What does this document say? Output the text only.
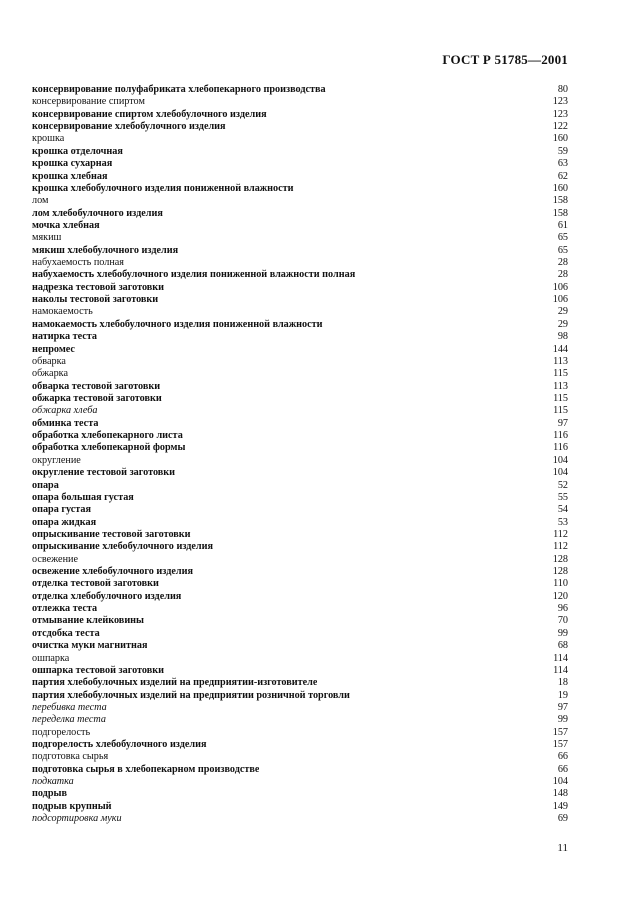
ГОСТ Р 51785—2001
консервирование полуфабриката хлебопекарного производства	80
консервирование спиртом	123
консервирование спиртом хлебобулочного изделия	123
консервирование хлебобулочного изделия	122
крошка	160
крошка отделочная	59
крошка сухарная	63
крошка хлебная	62
крошка хлебобулочного изделия пониженной влажности	160
лом	158
лом хлебобулочного изделия	158
мочка хлебная	61
мякиш	65
мякиш хлебобулочного изделия	65
набухаемость полная	28
набухаемость хлебобулочного изделия пониженной влажности полная	28
надрезка тестовой заготовки	106
наколы тестовой заготовки	106
намокаемость	29
намокаемость хлебобулочного изделия пониженной влажности	29
натирка теста	98
непромес	144
обварка	113
обжарка	115
обварка тестовой заготовки	113
обжарка тестовой заготовки	115
обжарка хлеба	115
обминка теста	97
обработка хлебопекарного листа	116
обработка хлебопекарной формы	116
округление	104
округление тестовой заготовки	104
опара	52
опара большая густая	55
опара густая	54
опара жидкая	53
опрыскивание тестовой заготовки	112
опрыскивание хлебобулочного изделия	112
освежение	128
освежение хлебобулочного изделия	128
отделка тестовой заготовки	110
отделка хлебобулочного изделия	120
отлежка теста	96
отмывание клейковины	70
отсдобка теста	99
очистка муки магнитная	68
ошпарка	114
ошпарка тестовой заготовки	114
партия хлебобулочных изделий на предприятии-изготовителе	18
партия хлебобулочных изделий на предприятии розничной торговли	19
перебивка теста	97
переделка теста	99
подгорелость	157
подгорелость хлебобулочного изделия	157
подготовка сырья	66
подготовка сырья в хлебопекарном производстве	66
подкатка	104
подрыв	148
подрыв крупный	149
подсортировка муки	69
11
